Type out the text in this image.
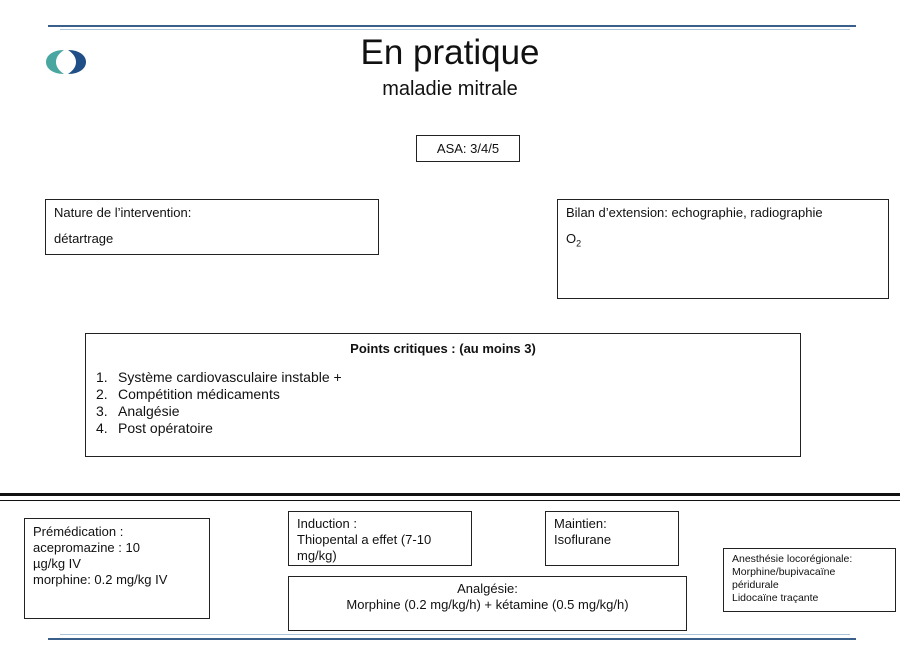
En pratique
maladie mitrale
ASA: 3/4/5
Nature de l’intervention:
détartrage
Bilan d’extension: echographie, radiographie
$O_2$
Points critiques : (au moins 3)
1. Système cardiovasculaire instable +
2. Compétition médicaments
3. Analgésie
4. Post opératoire
Prémédication :
acepromazine : 10
µg/kg IV
morphine: 0.2 mg/kg IV
Induction :
Thiopental a effet (7-10
mg/kg)
Maintien:
Isoflurane
Analgésie:
Morphine (0.2 mg/kg/h) + kétamine (0.5 mg/kg/h)
Anesthésie locorégionale:
Morphine/bupivacaïne
péridurale
Lidocaïne traçante
